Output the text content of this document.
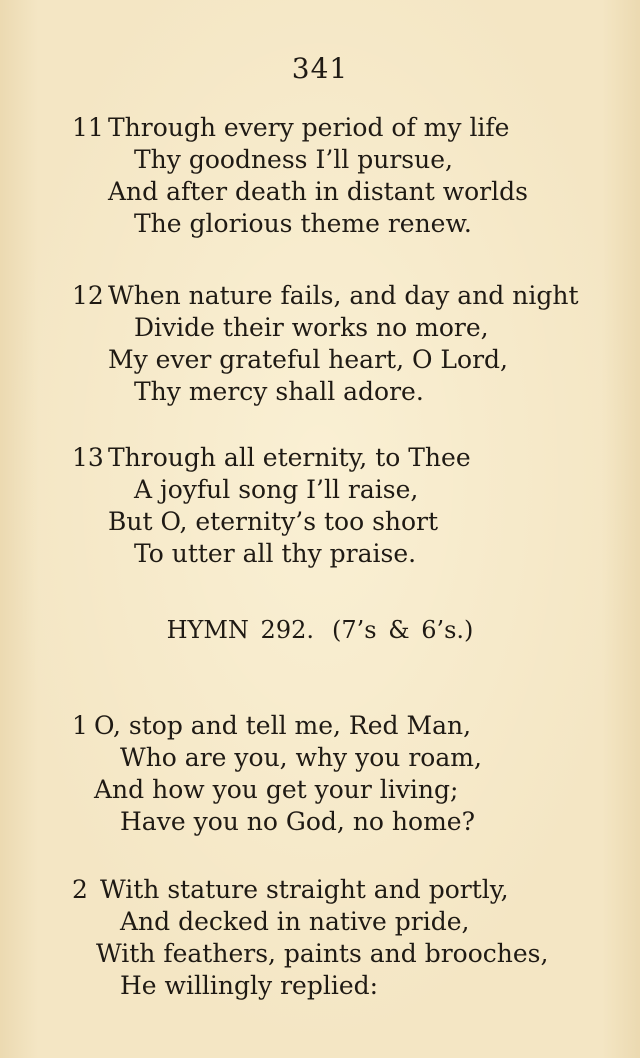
341
11 Through every period of my life
Thy goodness I’ll pursue,
And after death in distant worlds
The glorious theme renew.
12 When nature fails, and day and night
Divide their works no more,
My ever grateful heart, O Lord,
Thy mercy shall adore.
13 Through all eternity, to Thee
A joyful song I’ll raise,
But O, eternity’s too short
To utter all thy praise.
HYMN 292. (7’s & 6’s.)
1 O, stop and tell me, Red Man,
Who are you, why you roam,
And how you get your living;
Have you no God, no home?
2 With stature straight and portly,
And decked in native pride,
With feathers, paints and brooches,
He willingly replied:
